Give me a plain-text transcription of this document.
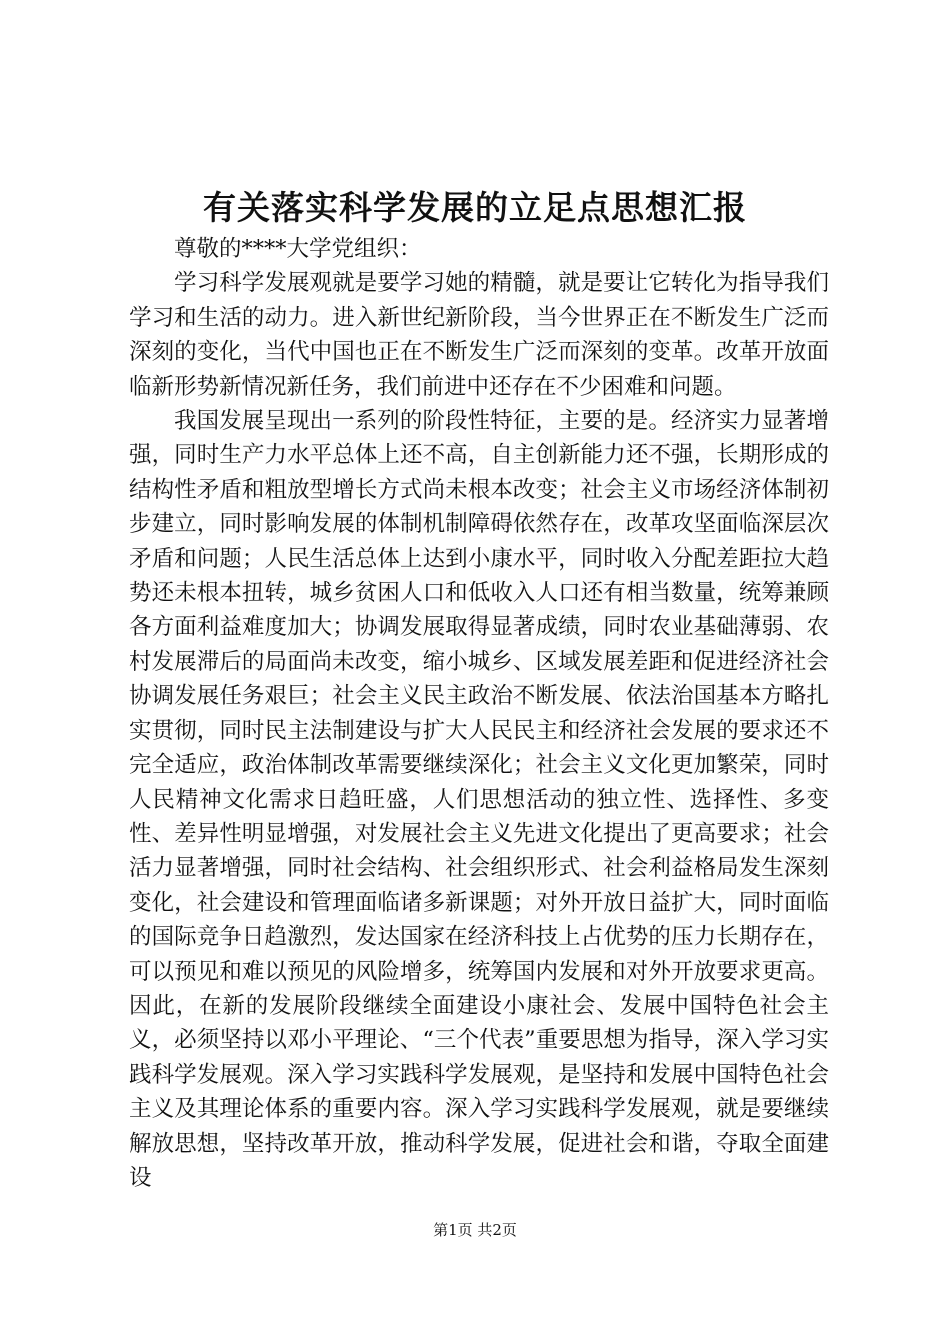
有关落实科学发展的立足点思想汇报

尊敬的****大学党组织：

学习科学发展观就是要学习她的精髓，就是要让它转化为指导我们学习和生活的动力。进入新世纪新阶段，当今世界正在不断发生广泛而深刻的变化，当代中国也正在不断发生广泛而深刻的变革。改革开放面临新形势新情况新任务，我们前进中还存在不少困难和问题。

我国发展呈现出一系列的阶段性特征，主要的是。经济实力显著增强，同时生产力水平总体上还不高，自主创新能力还不强，长期形成的结构性矛盾和粗放型增长方式尚未根本改变；社会主义市场经济体制初步建立，同时影响发展的体制机制障碍依然存在，改革攻坚面临深层次矛盾和问题；人民生活总体上达到小康水平，同时收入分配差距拉大趋势还未根本扭转，城乡贫困人口和低收入人口还有相当数量，统筹兼顾各方面利益难度加大；协调发展取得显著成绩，同时农业基础薄弱、农村发展滞后的局面尚未改变，缩小城乡、区域发展差距和促进经济社会协调发展任务艰巨；社会主义民主政治不断发展、依法治国基本方略扎实贯彻，同时民主法制建设与扩大人民民主和经济社会发展的要求还不完全适应，政治体制改革需要继续深化；社会主义文化更加繁荣，同时人民精神文化需求日趋旺盛，人们思想活动的独立性、选择性、多变性、差异性明显增强，对发展社会主义先进文化提出了更高要求；社会活力显著增强，同时社会结构、社会组织形式、社会利益格局发生深刻变化，社会建设和管理面临诸多新课题；对外开放日益扩大，同时面临的国际竞争日趋激烈，发达国家在经济科技上占优势的压力长期存在，可以预见和难以预见的风险增多，统筹国内发展和对外开放要求更高。因此，在新的发展阶段继续全面建设小康社会、发展中国特色社会主义，必须坚持以邓小平理论、“三个代表”重要思想为指导，深入学习实践科学发展观。深入学习实践科学发展观，是坚持和发展中国特色社会主义及其理论体系的重要内容。深入学习实践科学发展观，就是要继续解放思想，坚持改革开放，推动科学发展，促进社会和谐，夺取全面建设

第1页 共2页
